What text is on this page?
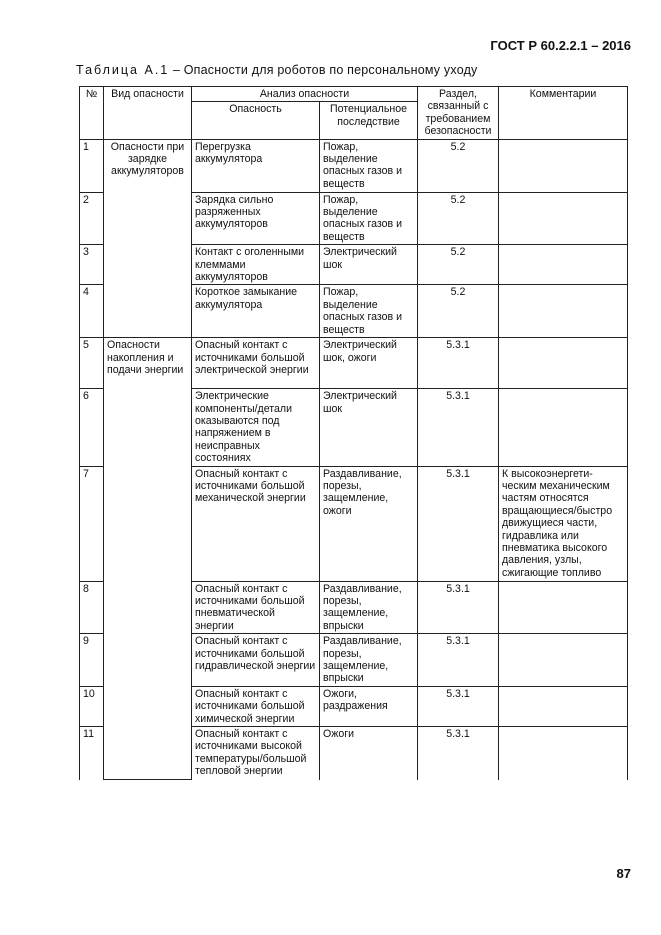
ГОСТ Р 60.2.2.1 – 2016
Таблица А.1 – Опасности для роботов по персональному уходу
№	Вид опасности	Анализ опасности		Раздел, связанный с требованием безопасности	Комментарии
		Опасность	Потенциальное последствие		
1	Опасности при зарядке аккумуляторов	Перегрузка аккумулятора	Пожар, выделение опасных газов и веществ	5.2	
2		Зарядка сильно разряженных аккумуляторов	Пожар, выделение опасных газов и веществ	5.2	
3		Контакт с оголенными клеммами аккумуляторов	Электрический шок	5.2	
4		Короткое замыкание аккумулятора	Пожар, выделение опасных газов и веществ	5.2	
5	Опасности накопления и подачи энергии	Опасный контакт с источниками большой электрической энергии	Электрический шок, ожоги	5.3.1	
6		Электрические компоненты/детали оказываются под напряжением в неисправных состояниях	Электрический шок	5.3.1	
7		Опасный контакт с источниками большой механической энергии	Раздавливание, порезы, защемление, ожоги	5.3.1	К высокоэнергети-ческим механическим частям относятся вращающиеся/быстро движущиеся части, гидравлика или пневматика высокого давления, узлы, сжигающие топливо
8		Опасный контакт с источниками большой пневматической энергии	Раздавливание, порезы, защемление, впрыски	5.3.1	
9		Опасный контакт с источниками большой гидравлической энергии	Раздавливание, порезы, защемление, впрыски	5.3.1	
10		Опасный контакт с источниками большой химической энергии	Ожоги, раздражения	5.3.1	
11		Опасный контакт с источниками высокой температуры/большой тепловой энергии	Ожоги	5.3.1	
87
